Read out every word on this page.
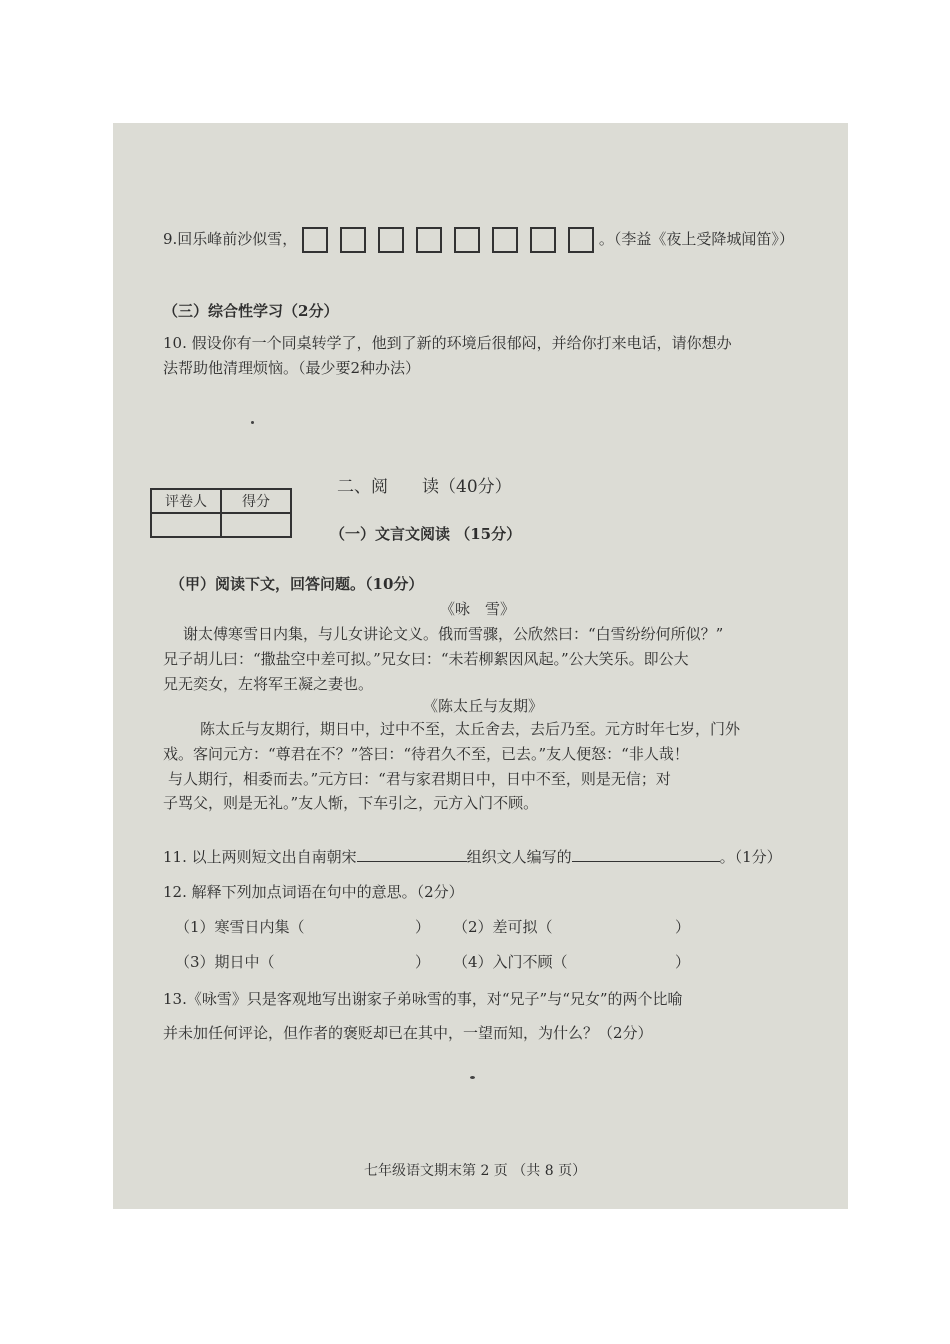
9.回乐峰前沙似雪，	。（李益《夜上受降城闻笛》）
（三）综合性学习（2分）
10. 假设你有一个同桌转学了，他到了新的环境后很郁闷，并给你打来电话，请你想办
法帮助他清理烦恼。（最少要2种办法）
评卷人	得分

二、阅　　读（40分）
（一）文言文阅读 （15分）
（甲）阅读下文，回答问题。（10分）
《咏　雪》
谢太傅寒雪日内集，与儿女讲论文义。俄而雪骤，公欣然曰：“白雪纷纷何所似？”
兄子胡儿曰：“撒盐空中差可拟。”兄女曰：“未若柳絮因风起。”公大笑乐。即公大
兄无奕女，左将军王凝之妻也。
《陈太丘与友期》
陈太丘与友期行，期日中，过中不至，太丘舍去，去后乃至。元方时年七岁，门外
戏。客问元方：“尊君在不？”答曰：“待君久不至，已去。”友人便怒：“非人哉！
与人期行，相委而去。”元方曰：“君与家君期日中，日中不至，则是无信；对
子骂父，则是无礼。”友人惭，下车引之，元方入门不顾。
11. 以上两则短文出自南朝宋	组织文人编写的	。（1分）
12. 解释下列加点词语在句中的意思。（2分）
（1）寒雪日内集（	） （2）差可拟（	）
（3）期日中（	） （4）入门不顾（	）
13.《咏雪》只是客观地写出谢家子弟咏雪的事，对“兄子”与“兄女”的两个比喻
并未加任何评论，但作者的褒贬却已在其中，一望而知，为什么？（2分）
七年级语文期末第 2 页 （共 8 页）
